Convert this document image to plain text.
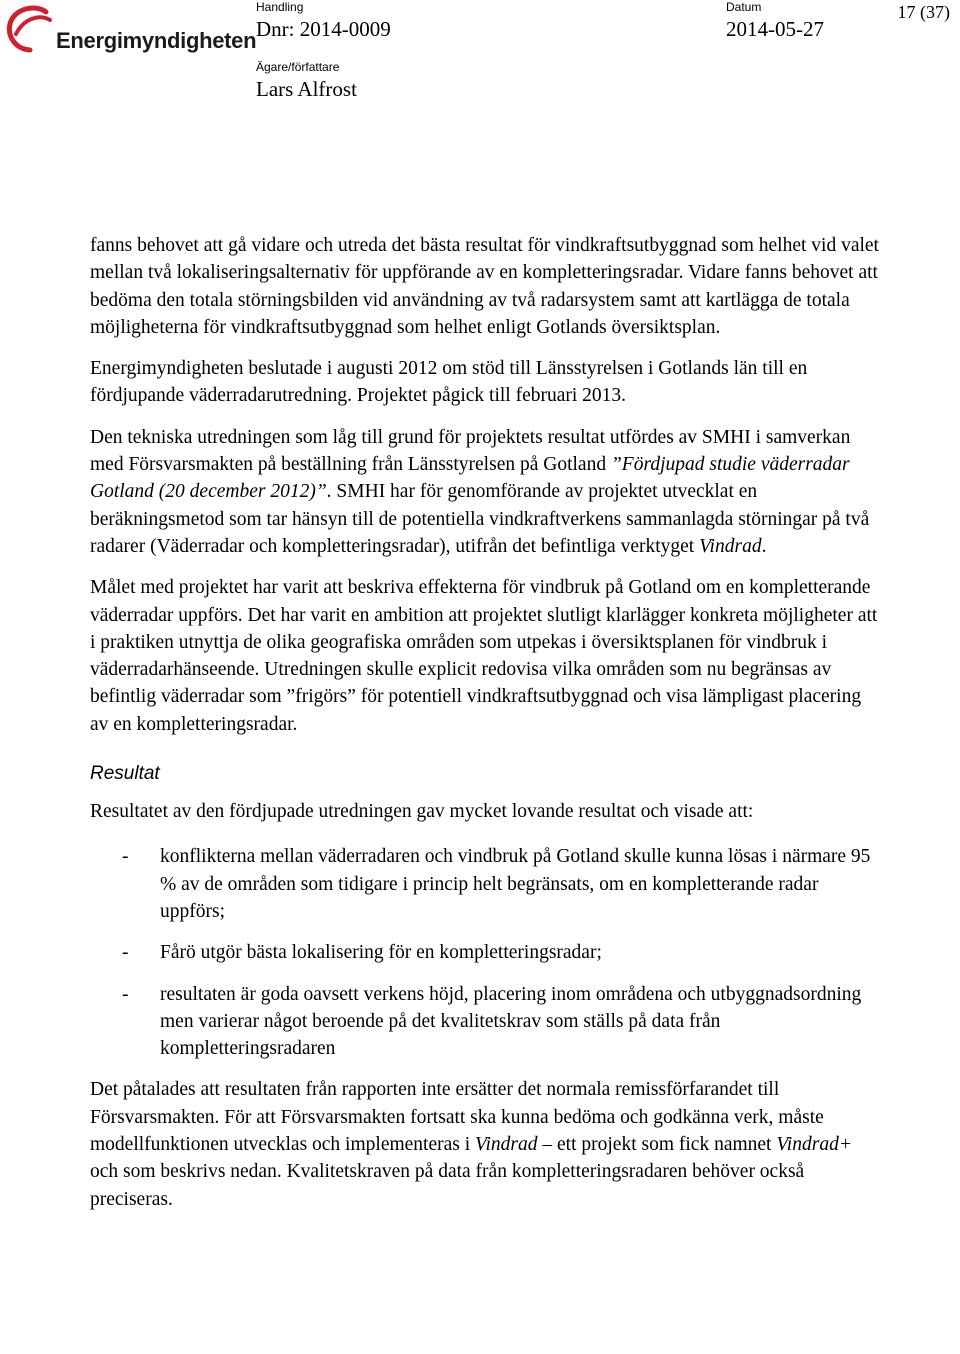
Energimyndigheten
Handling
Dnr: 2014-0009
Datum
2014-05-27
Ägare/författare
Lars Alfrost
17 (37)

fanns behovet att gå vidare och utreda det bästa resultat för vindkraftsutbyggnad som helhet vid valet mellan två lokaliseringsalternativ för uppförande av en kompletteringsradar. Vidare fanns behovet att bedöma den totala störningsbilden vid användning av två radarsystem samt att kartlägga de totala möjligheterna för vindkraftsutbyggnad som helhet enligt Gotlands översiktsplan.

Energimyndigheten beslutade i augusti 2012 om stöd till Länsstyrelsen i Gotlands län till en fördjupande väderradarutredning. Projektet pågick till februari 2013.

Den tekniska utredningen som låg till grund för projektets resultat utfördes av SMHI i samverkan med Försvarsmakten på beställning från Länsstyrelsen på Gotland ”Fördjupad studie väderradar Gotland (20 december 2012)”. SMHI har för genomförande av projektet utvecklat en beräkningsmetod som tar hänsyn till de potentiella vindkraftverkens sammanlagda störningar på två radarer (Väderradar och kompletteringsradar), utifrån det befintliga verktyget Vindrad.

Målet med projektet har varit att beskriva effekterna för vindbruk på Gotland om en kompletterande väderradar uppförs. Det har varit en ambition att projektet slutligt klarlägger konkreta möjligheter att i praktiken utnyttja de olika geografiska områden som utpekas i översiktsplanen för vindbruk i väderradarhänseende. Utredningen skulle explicit redovisa vilka områden som nu begränsas av befintlig väderradar som ”frigörs” för potentiell vindkraftsutbyggnad och visa lämpligast placering av en kompletteringsradar.

Resultat

Resultatet av den fördjupade utredningen gav mycket lovande resultat och visade att:

- konflikterna mellan väderradaren och vindbruk på Gotland skulle kunna lösas i närmare 95 % av de områden som tidigare i princip helt begränsats, om en kompletterande radar uppförs;
- Fårö utgör bästa lokalisering för en kompletteringsradar;
- resultaten är goda oavsett verkens höjd, placering inom områdena och utbyggnadsordning men varierar något beroende på det kvalitetskrav som ställs på data från kompletteringsradaren

Det påtalades att resultaten från rapporten inte ersätter det normala remissförfarandet till Försvarsmakten. För att Försvarsmakten fortsatt ska kunna bedöma och godkänna verk, måste modellfunktionen utvecklas och implementeras i Vindrad – ett projekt som fick namnet Vindrad+ och som beskrivs nedan. Kvalitetskraven på data från kompletteringsradaren behöver också preciseras.
